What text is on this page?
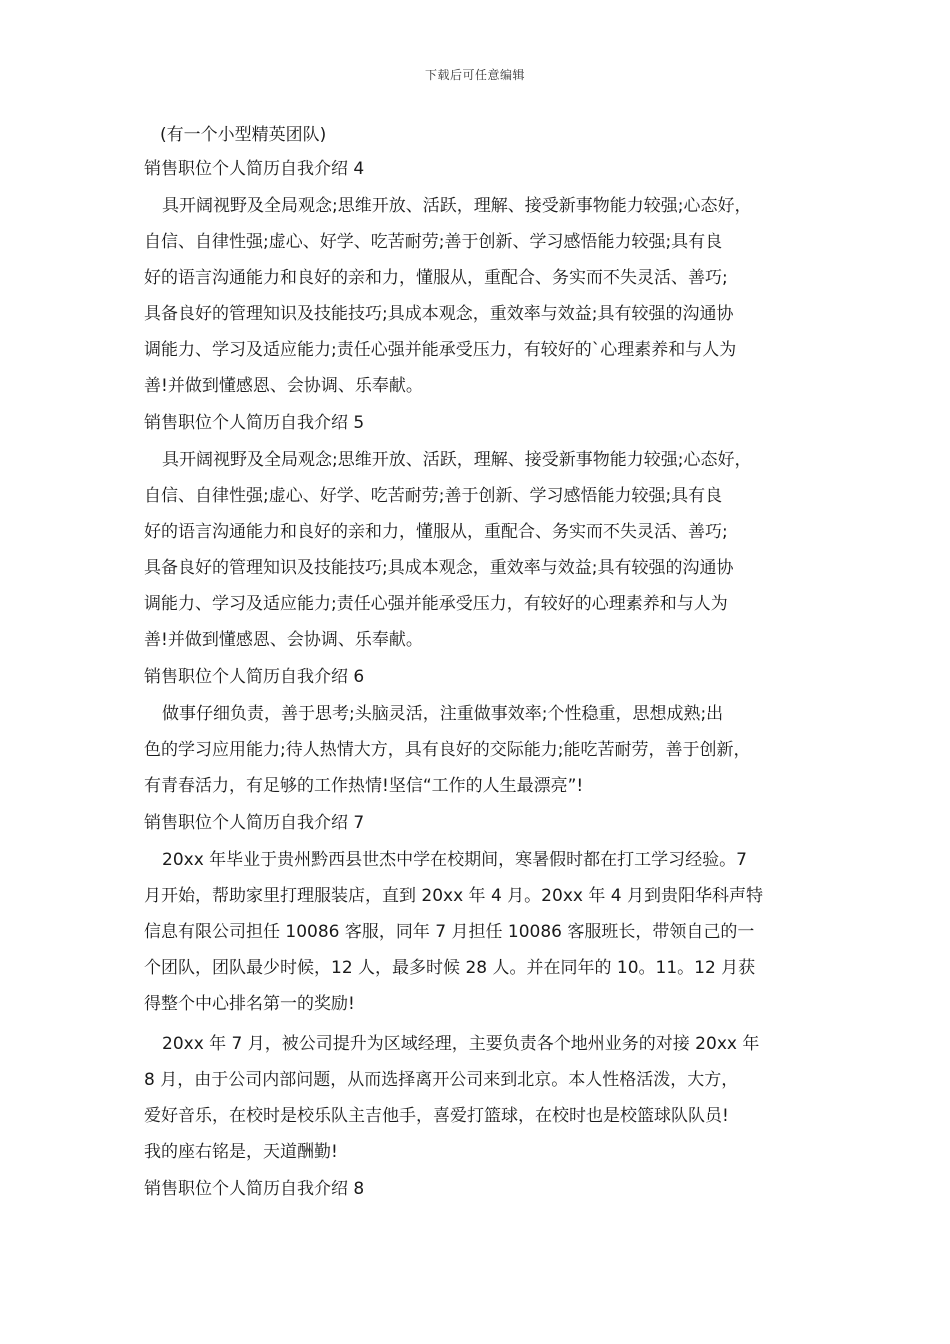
下载后可任意编辑

(有一个小型精英团队)

销售职位个人简历自我介绍 4

具开阔视野及全局观念;思维开放、活跃，理解、接受新事物能力较强;心态好，
自信、自律性强;虚心、好学、吃苦耐劳;善于创新、学习感悟能力较强;具有良
好的语言沟通能力和良好的亲和力，懂服从，重配合、务实而不失灵活、善巧;
具备良好的管理知识及技能技巧;具成本观念，重效率与效益;具有较强的沟通协
调能力、学习及适应能力;责任心强并能承受压力，有较好的`心理素养和与人为
善!并做到懂感恩、会协调、乐奉献。

销售职位个人简历自我介绍 5

具开阔视野及全局观念;思维开放、活跃，理解、接受新事物能力较强;心态好，
自信、自律性强;虚心、好学、吃苦耐劳;善于创新、学习感悟能力较强;具有良
好的语言沟通能力和良好的亲和力，懂服从，重配合、务实而不失灵活、善巧;
具备良好的管理知识及技能技巧;具成本观念，重效率与效益;具有较强的沟通协
调能力、学习及适应能力;责任心强并能承受压力，有较好的心理素养和与人为
善!并做到懂感恩、会协调、乐奉献。

销售职位个人简历自我介绍 6

做事仔细负责，善于思考;头脑灵活，注重做事效率;个性稳重，思想成熟;出
色的学习应用能力;待人热情大方，具有良好的交际能力;能吃苦耐劳，善于创新，
有青春活力，有足够的工作热情!坚信“工作的人生最漂亮”!

销售职位个人简历自我介绍 7

20xx 年毕业于贵州黔西县世杰中学在校期间，寒暑假时都在打工学习经验。7
月开始，帮助家里打理服装店，直到 20xx 年 4 月。20xx 年 4 月到贵阳华科声特
信息有限公司担任 10086 客服，同年 7 月担任 10086 客服班长，带领自己的一
个团队，团队最少时候，12 人，最多时候 28 人。并在同年的 10。11。12 月获
得整个中心排名第一的奖励!
20xx 年 7 月，被公司提升为区域经理，主要负责各个地州业务的对接 20xx 年
8 月，由于公司内部问题，从而选择离开公司来到北京。本人性格活泼，大方，
爱好音乐，在校时是校乐队主吉他手，喜爱打篮球，在校时也是校篮球队队员!
我的座右铭是，天道酬勤!

销售职位个人简历自我介绍 8
